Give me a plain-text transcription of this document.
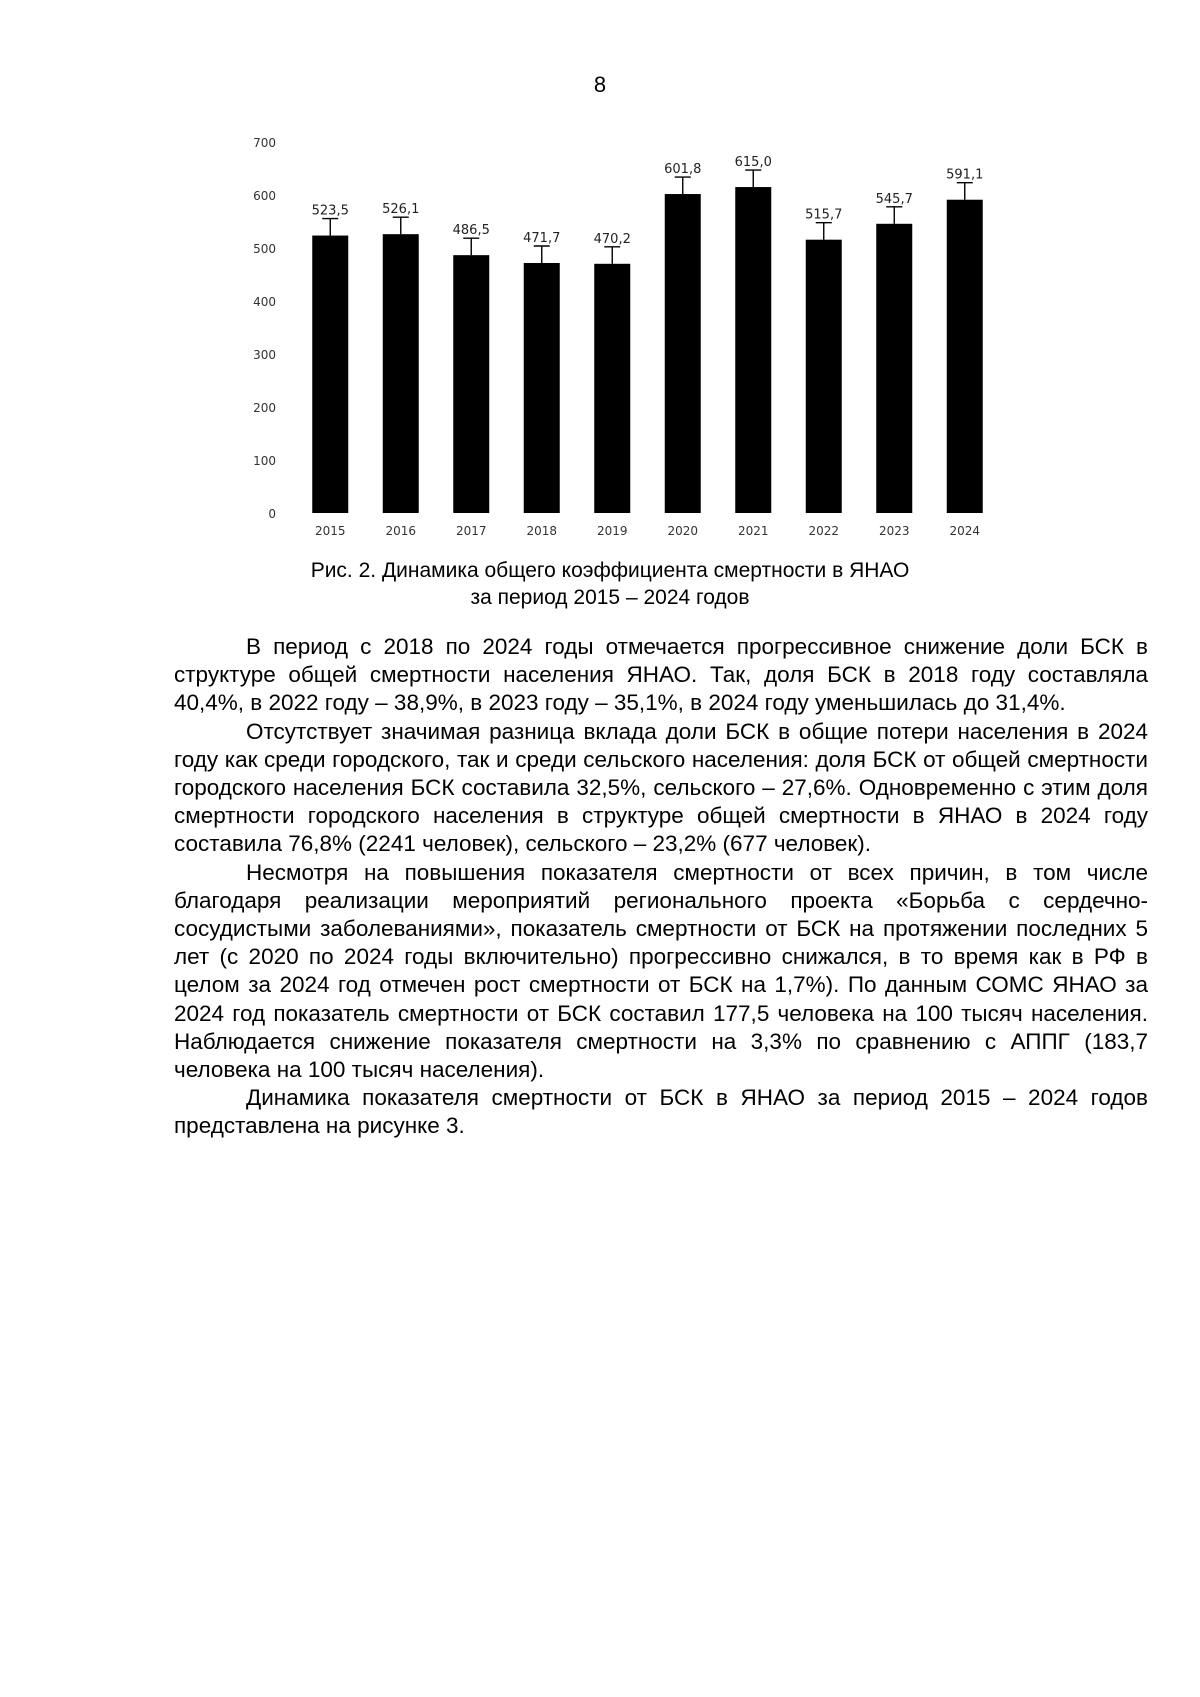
8
0
100
200
300
400
500
600
700
523,5
2015
526,1
2016
486,5
2017
471,7
2018
470,2
2019
601,8
2020
615,0
2021
515,7
2022
545,7
2023
591,1
2024
Рис. 2. Динамика общего коэффициента смертности в ЯНАО
за период 2015 – 2024 годов

В период с 2018 по 2024 годы отмечается прогрессивное снижение доли БСК в структуре общей смертности населения ЯНАО. Так, доля БСК в 2018 году составляла 40,4%, в 2022 году – 38,9%, в 2023 году – 35,1%, в 2024 году уменьшилась до 31,4%.

Отсутствует значимая разница вклада доли БСК в общие потери населения в 2024 году как среди городского, так и среди сельского населения: доля БСК от общей смертности городского населения БСК составила 32,5%, сельского – 27,6%. Одновременно с этим доля смертности городского населения в структуре общей смертности в ЯНАО в 2024 году составила 76,8% (2241 человек), сельского – 23,2% (677 человек).

Несмотря на повышения показателя смертности от всех причин, в том числе благодаря реализации мероприятий регионального проекта «Борьба с сердечно-сосудистыми заболеваниями», показатель смертности от БСК на протяжении последних 5 лет (с 2020 по 2024 годы включительно) прогрессивно снижался, в то время как в РФ в целом за 2024 год отмечен рост смертности от БСК на 1,7%). По данным СОМС ЯНАО за 2024 год показатель смертности от БСК составил 177,5 человека на 100 тысяч населения. Наблюдается снижение показателя смертности на 3,3% по сравнению с АППГ (183,7 человека на 100 тысяч населения).

Динамика показателя смертности от БСК в ЯНАО за период 2015 – 2024 годов представлена на рисунке 3.
